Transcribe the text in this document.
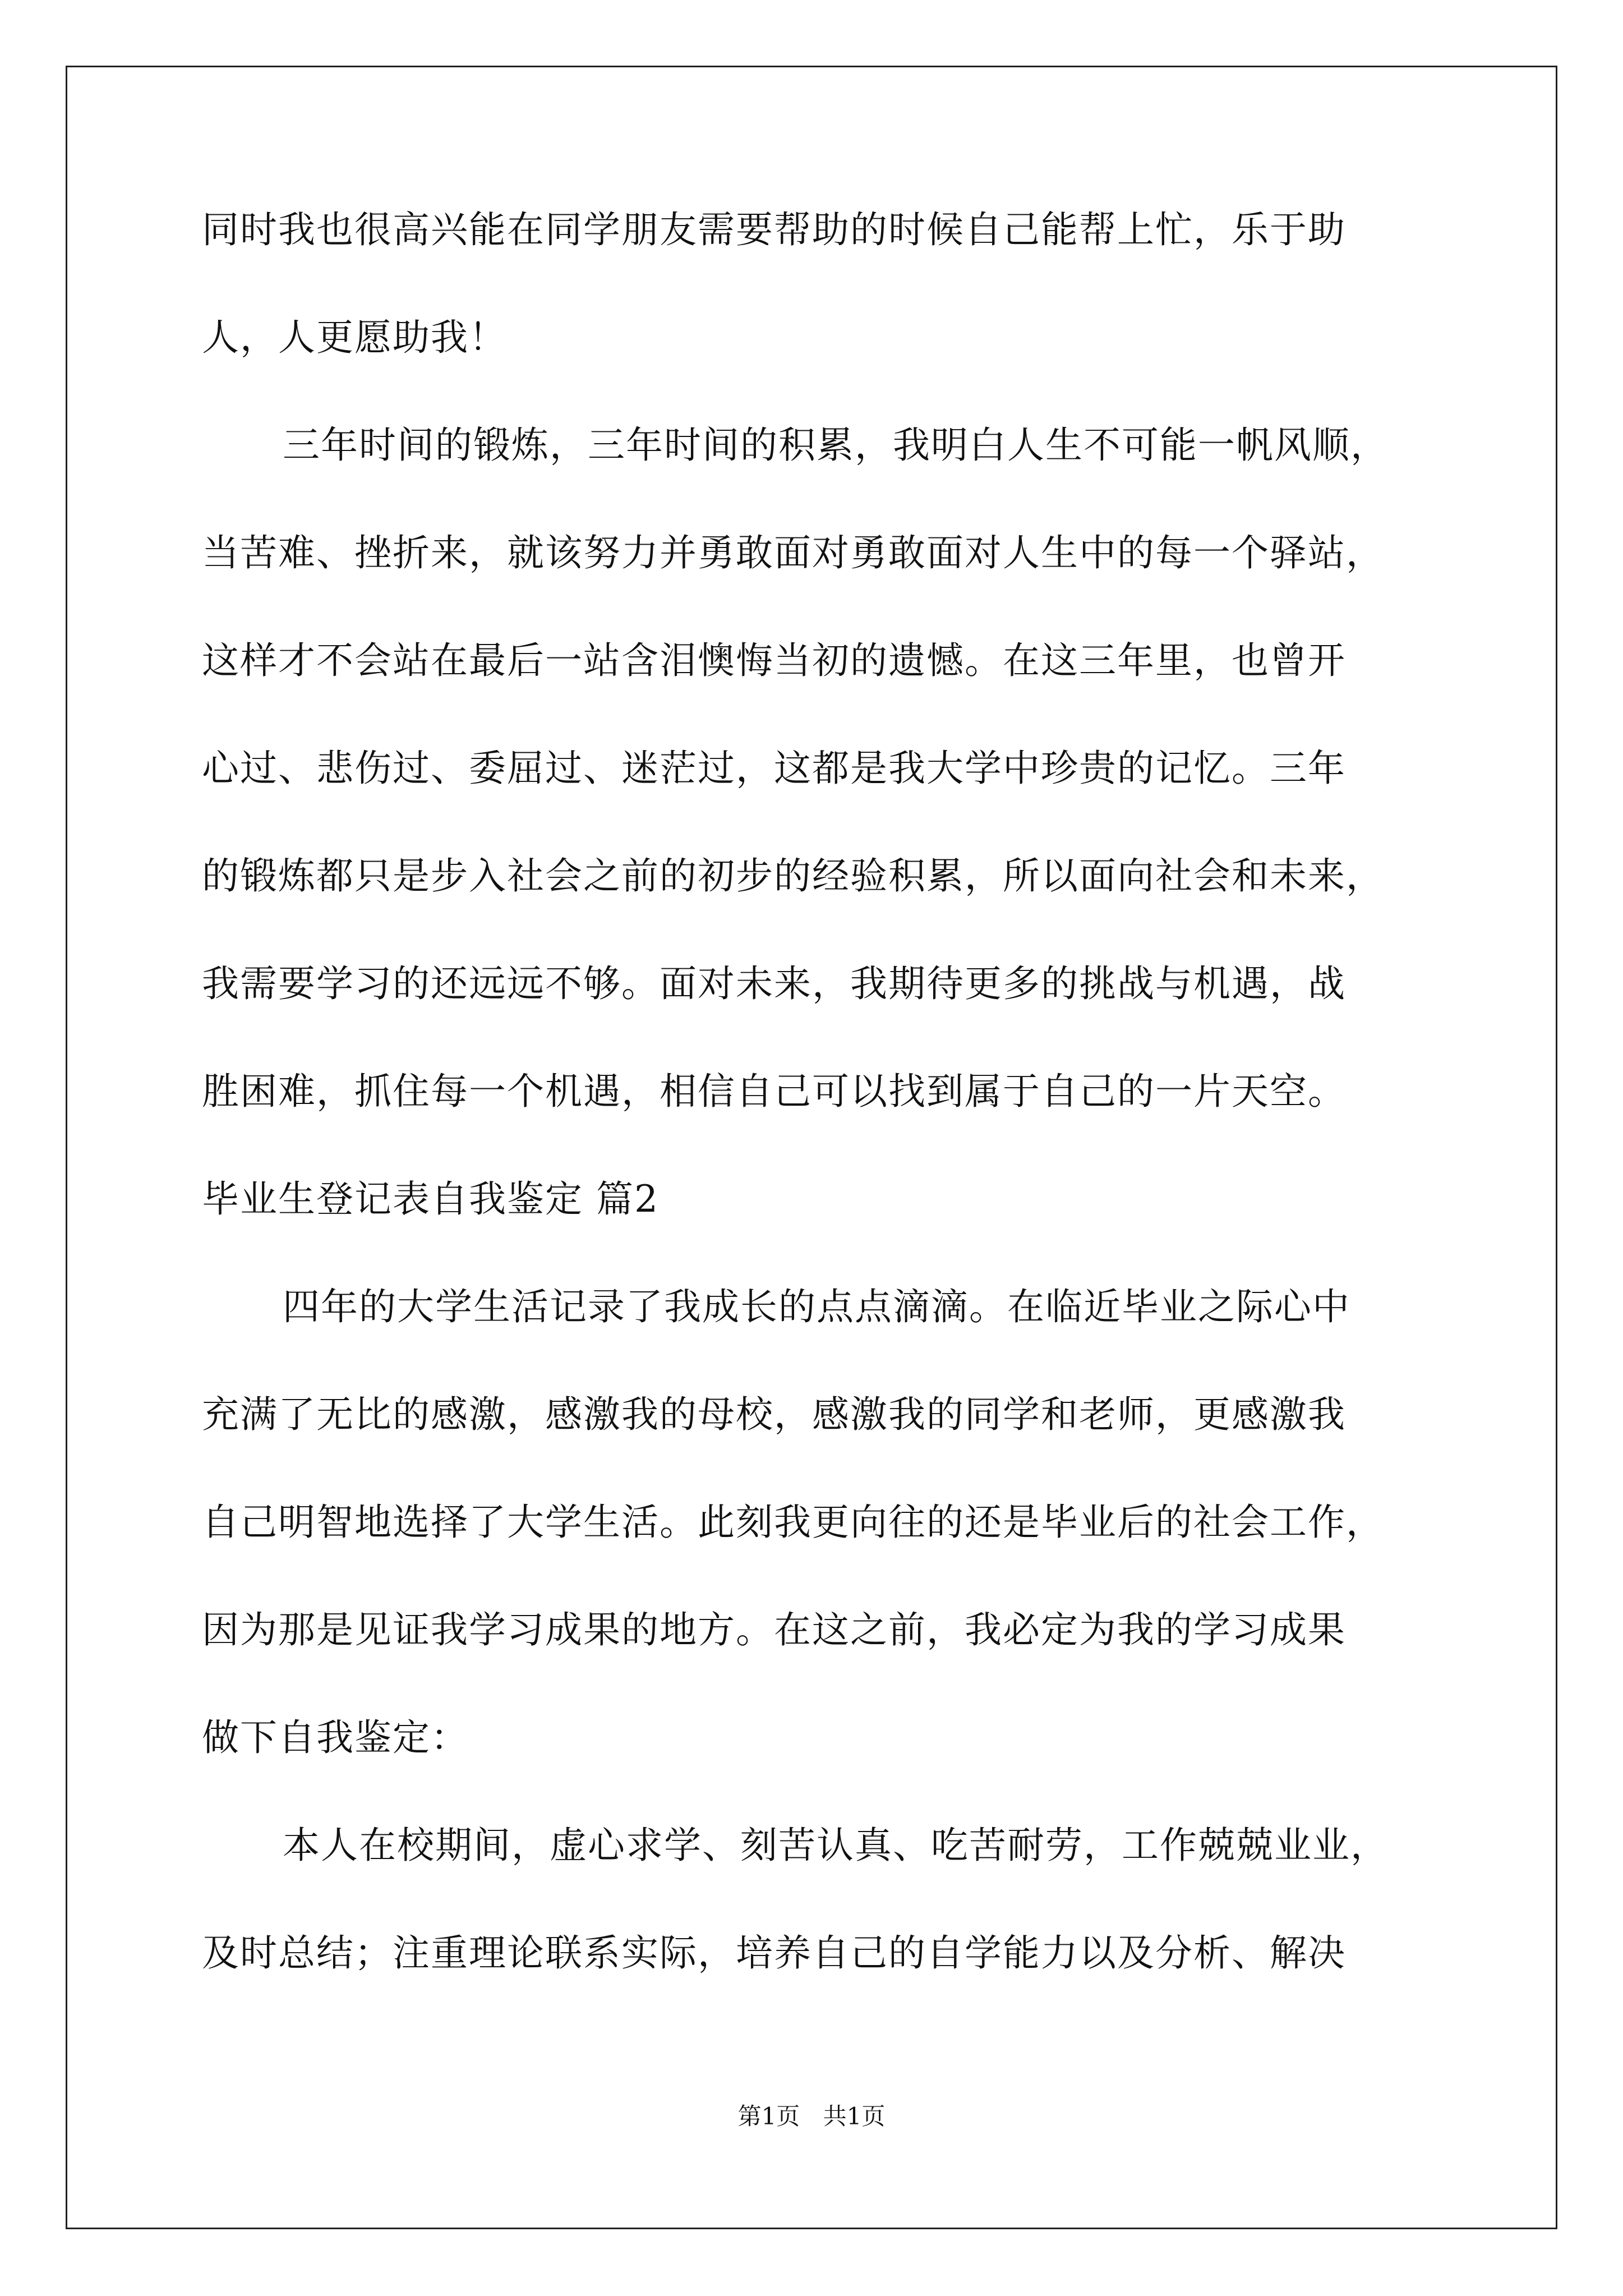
同时我也很高兴能在同学朋友需要帮助的时候自己能帮上忙，乐于助
人，人更愿助我！
三年时间的锻炼，三年时间的积累，我明白人生不可能一帆风顺，
当苦难、挫折来，就该努力并勇敢面对勇敢面对人生中的每一个驿站，
这样才不会站在最后一站含泪懊悔当初的遗憾。在这三年里，也曾开
心过、悲伤过、委屈过、迷茫过，这都是我大学中珍贵的记忆。三年
的锻炼都只是步入社会之前的初步的经验积累，所以面向社会和未来，
我需要学习的还远远不够。面对未来，我期待更多的挑战与机遇，战
胜困难，抓住每一个机遇，相信自己可以找到属于自己的一片天空。
毕业生登记表自我鉴定 篇2
四年的大学生活记录了我成长的点点滴滴。在临近毕业之际心中
充满了无比的感激，感激我的母校，感激我的同学和老师，更感激我
自己明智地选择了大学生活。此刻我更向往的还是毕业后的社会工作，
因为那是见证我学习成果的地方。在这之前，我必定为我的学习成果
做下自我鉴定：
本人在校期间，虚心求学、刻苦认真、吃苦耐劳，工作兢兢业业，
及时总结；注重理论联系实际，培养自己的自学能力以及分析、解决
第1页 共1页
